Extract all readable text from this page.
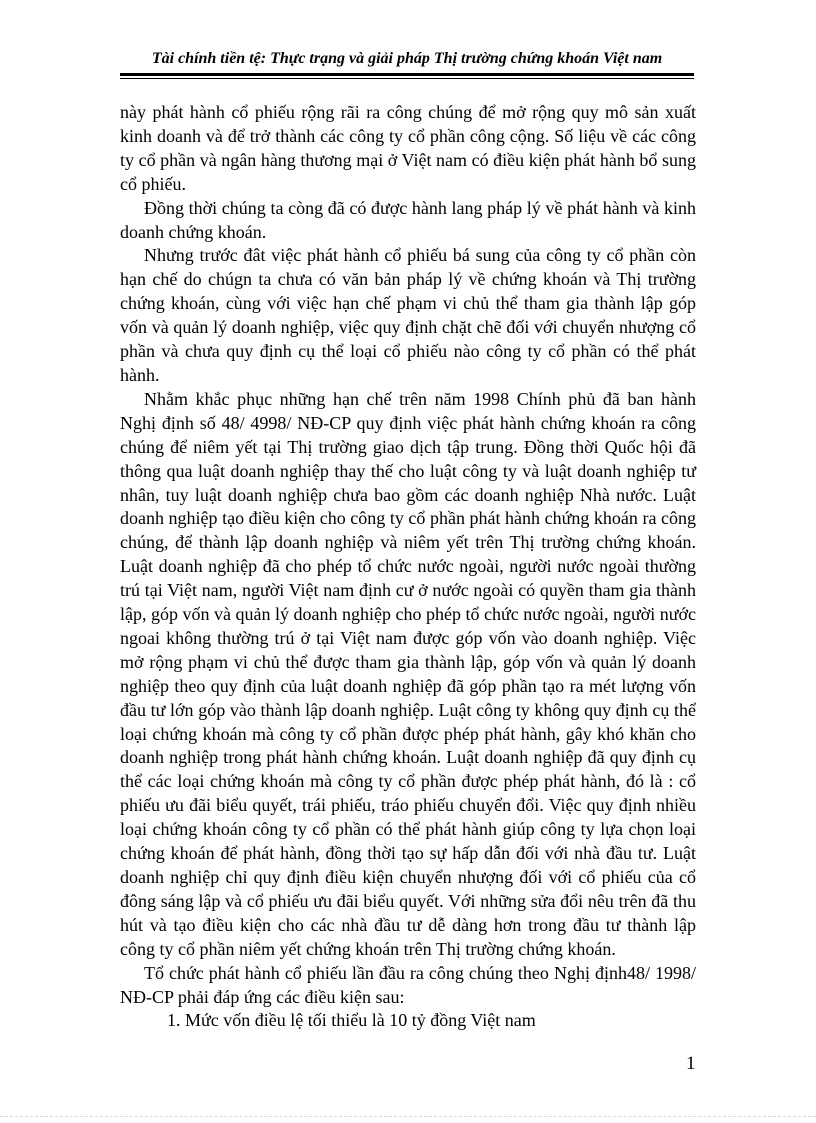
Tài chính tiền tệ: Thực trạng và giải pháp Thị trường chứng khoán Việt nam

này phát hành cổ phiếu rộng rãi ra công chúng để mở rộng quy mô sản xuất kinh doanh và để trở thành các công ty cổ phần công cộng. Số liệu về các công ty cổ phần và ngân hàng thương mại ở Việt nam có điều kiện phát hành bổ sung cổ phiếu.

Đồng thời chúng ta còng đã có được hành lang pháp lý về phát hành và kinh doanh chứng khoán.

Nhưng trước đât việc phát hành cổ phiếu bá sung của công ty cổ phần còn hạn chế do chúgn ta chưa có văn bản pháp lý về chứng khoán và Thị trường chứng khoán, cùng với việc hạn chế phạm vi chủ thể tham gia thành lập góp vốn và quản lý doanh nghiệp, việc quy định chặt chẽ đối với chuyển nhượng cổ phần và chưa quy định cụ thể loại cổ phiếu nào công ty cổ phần có thể phát hành.

Nhằm khắc phục những hạn chế trên năm 1998 Chính phủ đã ban hành Nghị định số 48/ 4998/ NĐ-CP quy định việc phát hành chứng khoán ra công chúng để niêm yết tại Thị trường giao dịch tập trung. Đồng thời Quốc hội đã thông qua luật doanh nghiệp thay thế cho luật công ty và luật doanh nghiệp tư nhân, tuy luật doanh nghiệp chưa bao gồm các doanh nghiệp Nhà nước. Luật doanh nghiệp tạo điều kiện cho công ty cổ phần phát hành chứng khoán ra công chúng, để thành lập doanh nghiệp và niêm yết trên Thị trường chứng khoán. Luật doanh nghiệp đã cho phép tổ chức nước ngoài, người nước ngoài thường trú tại Việt nam, người Việt nam định cư ở nước ngoài có quyền tham gia thành lập, góp vốn và quản lý doanh nghiệp cho phép tổ chức nước ngoài, người nước ngoai không thường trú ở tại Việt nam được góp vốn vào doanh nghiệp. Việc mở rộng phạm vi chủ thể được tham gia thành lập, góp vốn và quản lý doanh nghiệp theo quy định của luật doanh nghiệp đã góp phần tạo ra mét lượng vốn đầu tư lớn góp vào thành lập doanh nghiệp. Luật công ty không quy định cụ thể loại chứng khoán mà công ty cổ phần được phép phát hành, gây khó khăn cho doanh nghiệp trong phát hành chứng khoán. Luật doanh nghiệp đã quy định cụ thể các loại chứng khoán mà công ty cổ phần được phép phát hành, đó là : cổ phiếu ưu đãi biểu quyết, trái phiếu, tráo phiếu chuyển đổi. Việc quy định nhiều loại chứng khoán công ty cổ phần có thể phát hành giúp công ty lựa chọn loại chứng khoán để phát hành, đồng thời tạo sự hấp dẫn đối với nhà đầu tư. Luật doanh nghiệp chỉ quy định điều kiện chuyển nhượng đối với cổ phiếu của cổ đông sáng lập và cổ phiếu ưu đãi biểu quyết. Với những sửa đổi nêu trên đã thu hút và tạo điều kiện cho các nhà đầu tư dễ dàng hơn trong đầu tư thành lập công ty cổ phần niêm yết chứng khoán trên Thị trường chứng khoán.

Tổ chức phát hành cổ phiếu lần đầu ra công chúng theo Nghị định48/ 1998/ NĐ-CP phải đáp ứng các điều kiện sau:

1. Mức vốn điều lệ tối thiểu là 10 tỷ đồng Việt nam

1
